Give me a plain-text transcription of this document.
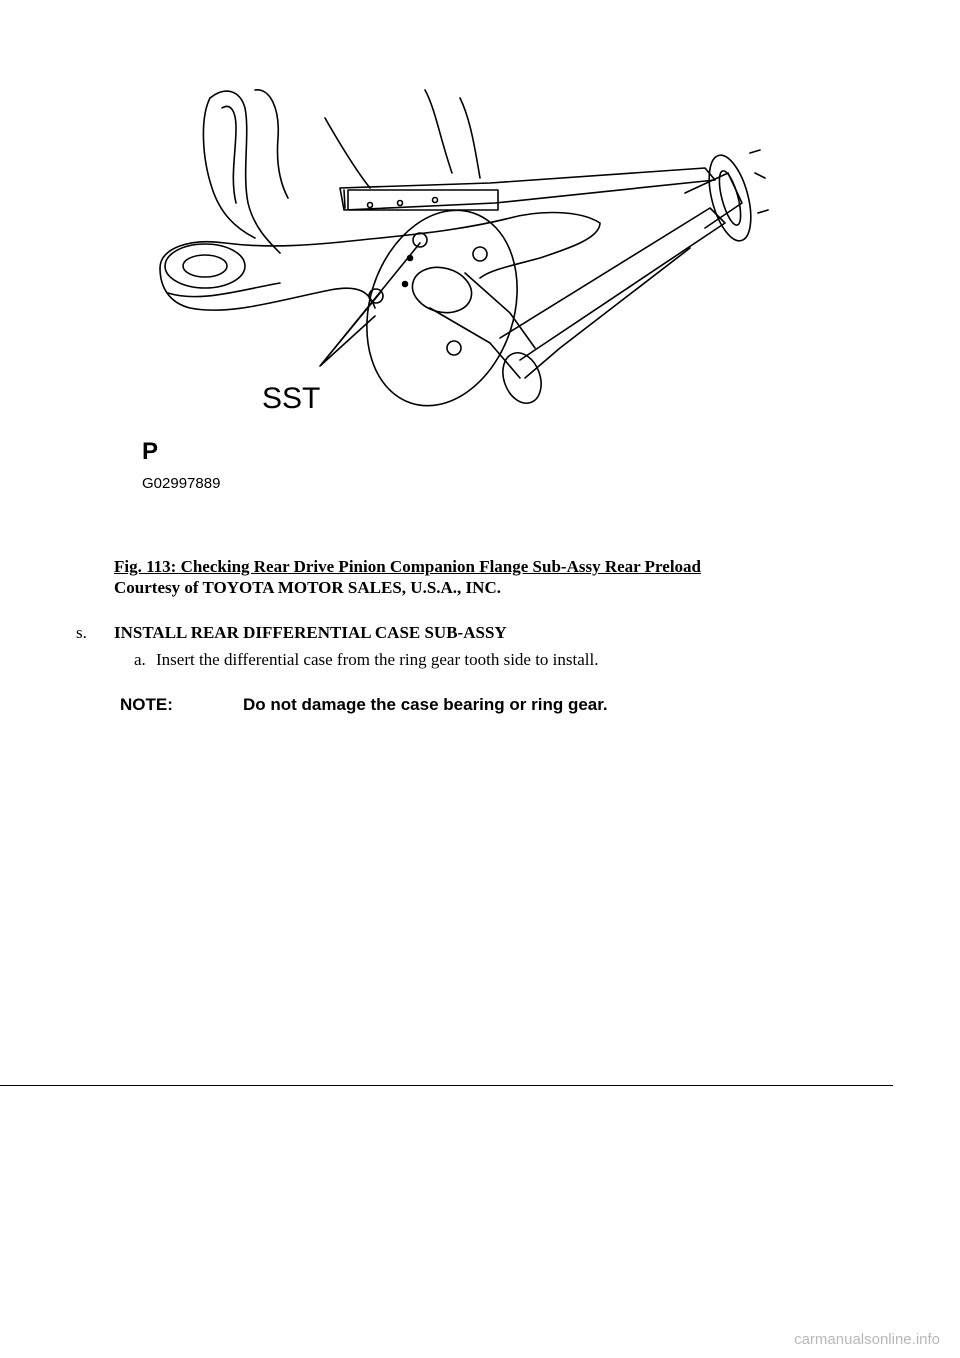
SST
P
G02997889
Fig. 113: Checking Rear Drive Pinion Companion Flange Sub-Assy Rear Preload
Courtesy of TOYOTA MOTOR SALES, U.S.A., INC.
s. INSTALL REAR DIFFERENTIAL CASE SUB-ASSY
a. Insert the differential case from the ring gear tooth side to install.
NOTE:	Do not damage the case bearing or ring gear.
carmanualsonline.info
